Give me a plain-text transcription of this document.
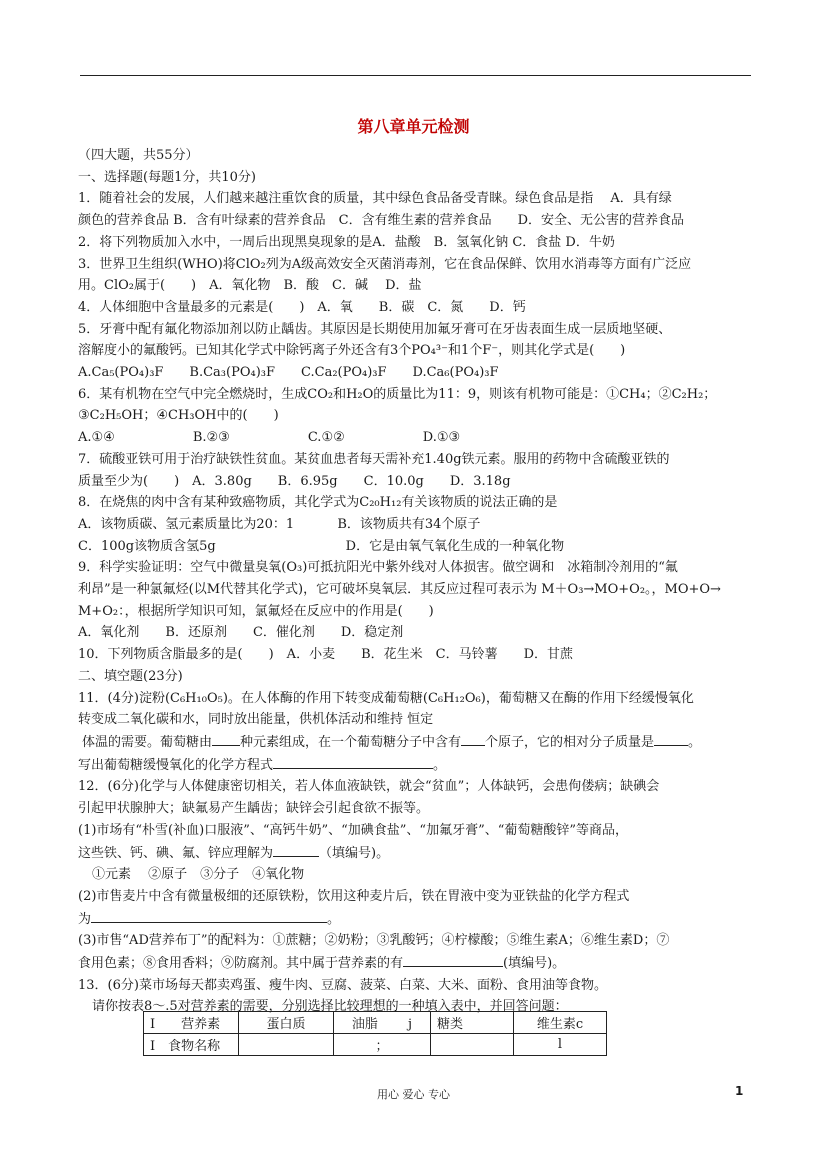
第八章单元检测
（四大题，共55分）
一、选择题(每题1分，共10分)
1．随着社会的发展，人们越来越注重饮食的质量，其中绿色食品备受青睐。绿色食品是指　 A．具有绿
颜色的营养食品 B．含有叶绿素的营养食品　C．含有维生素的营养食品　　D．安全、无公害的营养食品
2．将下列物质加入水中，一周后出现黑臭现象的是A．盐酸　B．氢氧化钠 C．食盐 D．牛奶
3．世界卫生组织(WHO)将ClO₂列为A级高效安全灭菌消毒剂，它在食品保鲜、饮用水消毒等方面有广泛应
用。ClO₂属于(　　)　A．氧化物　B．酸　C．碱　 D．盐
4．人体细胞中含量最多的元素是(　　)　A．氧　　B．碳　C．氮　　D．钙
5．牙膏中配有氟化物添加剂以防止龋齿。其原因是长期使用加氟牙膏可在牙齿表面生成一层质地坚硬、
溶解度小的氟酸钙。已知其化学式中除钙离子外还含有3个PO₄³⁻和1个F⁻，则其化学式是(　　)
A.Ca₅(PO₄)₃F　　B.Ca₃(PO₄)₃F　　C.Ca₂(PO₄)₃F　　D.Ca₆(PO₄)₃F
6．某有机物在空气中完全燃烧时，生成CO₂和H₂O的质量比为11：9，则该有机物可能是：①CH₄；②C₂H₂；
③C₂H₅OH；④CH₃OH中的(　　)
A.①④　　　　　　B.②③　　　　　　C.①②　　　　　　D.①③
7．硫酸亚铁可用于治疗缺铁性贫血。某贫血患者每天需补充1.40g铁元素。服用的药物中含硫酸亚铁的
质量至少为(　　)　A．3.80g　　B．6.95g　　C．10.0g　　D．3.18g
8．在烧焦的肉中含有某种致癌物质，其化学式为C₂₀H₁₂有关该物质的说法正确的是
A．该物质碳、氢元素质量比为20：1　　　 B．该物质共有34个原子
C．100g该物质含氢5g　　　　　　　　　　D．它是由氧气氧化生成的一种氧化物
9．科学实验证明：空气中微量臭氧(O₃)可抵抗阳光中紫外线对人体损害。做空调和　冰箱制冷剂用的“氟
利昂”是一种氯氟烃(以M代替其化学式)，它可破坏臭氧层．其反应过程可表示为 M＋O₃→MO+O₂。，MO+O→
M+O₂：，根据所学知识可知，氯氟烃在反应中的作用是(　　)
A．氧化剂　　B．还原剂　　C．催化剂　　D．稳定剂
10．下列物质含脂最多的是(　　)　A．小麦　　B．花生米　C．马铃薯　　D．甘蔗
二、填空题(23分)
11．(4分)淀粉(C₆H₁₀O₅)。在人体酶的作用下转变成葡萄糖(C₆H₁₂O₆)，葡萄糖又在酶的作用下经缓慢氧化
转变成二氧化碳和水，同时放出能量，供机体活动和维持 恒定
体温的需要。葡萄糖由 种元素组成，在一个葡萄糖分子中含有 个原子，它的相对分子质量是	。
写出葡萄糖缓慢氧化的化学方程式	。
12．(6分)化学与人体健康密切相关，若人体血液缺铁，就会“贫血”；人体缺钙，会患佝偻病；缺碘会
引起甲状腺肿大；缺氟易产生龋齿；缺锌会引起食欲不振等。
(1)市场有“朴雪(补血)口服液”、“高钙牛奶”、“加碘食盐”、“加氟牙膏”、“葡萄糖酸锌”等商品，
这些铁、钙、碘、氟、锌应理解为	（填编号)。
①元素　 ②原子　③分子　④氧化物
(2)市售麦片中含有微量极细的还原铁粉，饮用这种麦片后，铁在胃液中变为亚铁盐的化学方程式
为	。
(3)市售“AD营养布丁”的配料为：①蔗糖；②奶粉；③乳酸钙；④柠檬酸；⑤维生素A；⑥维生素D；⑦
食用色素；⑧食用香料；⑨防腐剂。其中属于营养素的有	(填编号)。
13．(6分)菜市场每天都卖鸡蛋、瘦牛肉、豆腐、菠菜、白菜、大米、面粉、食用油等食物。
请你按表8～.5对营养素的需要，分别选择比较理想的一种填入表中，并回答问题：
I　　营养素	蛋白质	油脂　　 j	糖类	维生素c
I　食物名称		；		l
用心 爱心 专心	1
